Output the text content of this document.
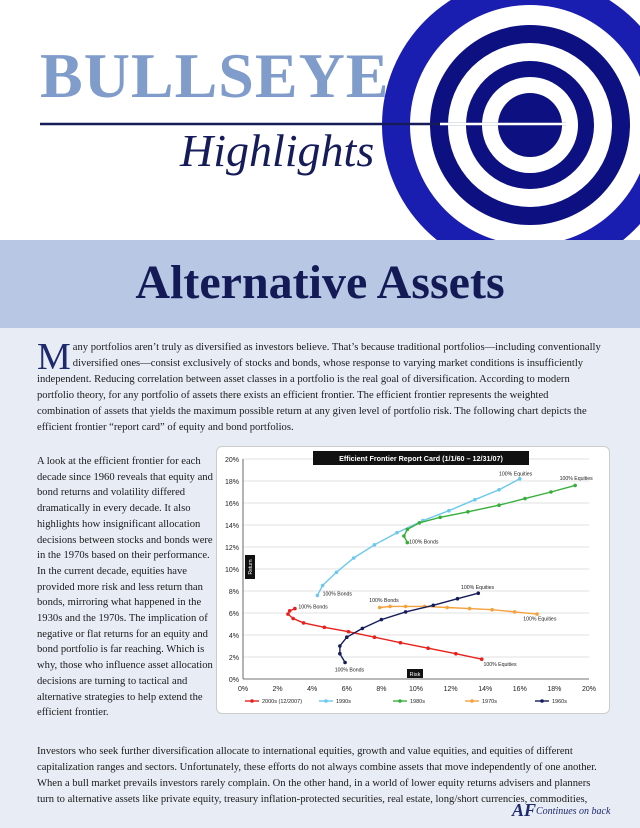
BULLSEYE
Highlights
Alternative Assets
Many portfolios aren’t truly as diversified as investors believe. That’s because traditional portfolios—including conventionally diversified ones—consist exclusively of stocks and bonds, whose response to varying market conditions is insufficiently independent. Reducing correlation between asset classes in a portfolio is the real goal of diversification. According to modern portfolio theory, for any portfolio of assets there exists an efficient frontier. The efficient frontier represents the weighted combination of assets that yields the maximum possible return at any given level of portfolio risk. The following chart depicts the efficient frontier “report card” of equity and bond portfolios.
A look at the efficient frontier for each decade since 1960 reveals that equity and bond returns and volatility differed dramatically in every decade. It also highlights how insignificant allocation decisions between stocks and bonds were in the 1970s based on their performance. In the current decade, equities have provided more risk and less return than bonds, mirroring what happened in the 1930s and the 1970s. The implication of negative or flat returns for an equity and bond portfolio is far reaching. Which is why, those who influence asset allocation decisions are turning to tactical and alternative strategies to help extend the efficient frontier.
0%
2%
4%
6%
8%
10%
12%
14%
16%
18%
20%
0%	2%	4%	6%	8%	10%	12%	14%	16%	18%	20%
Efficient Frontier Report Card (1/1/60 – 12/31/07)
Return
Risk
100% Equities
100% Equities
100% Bonds
100% Bonds
100% Bonds
100% Bonds
100% Equities
100% Equities
100% Equities
100% Bonds
2000s (12/2007)	1990s	1980s	1970s	1960s
Investors who seek further diversification allocate to international equities, growth and value equities, and equities of different capitalization ranges and sectors. Unfortunately, these efforts do not always combine assets that move independently of one another. When a bull market prevails investors rarely complain. On the other hand, in a world of lower equity returns advisers and planners turn to alternative assets like private equity, treasury inflation-protected securities, real estate, long/short currencies, commodities,
AF Continues on back
